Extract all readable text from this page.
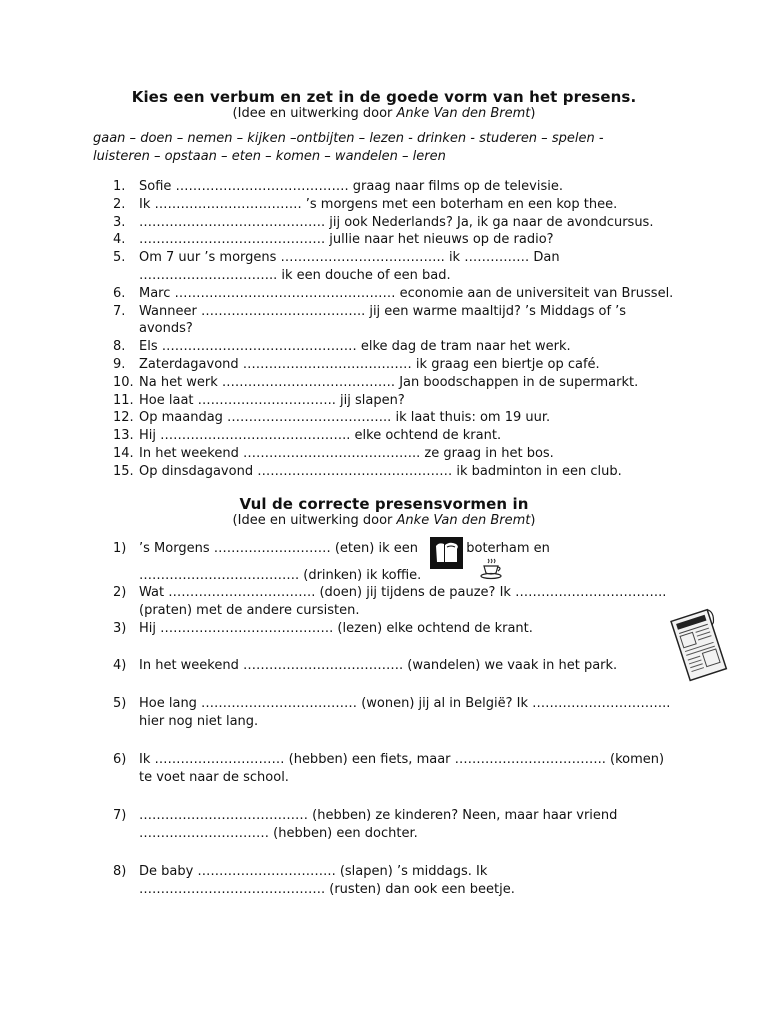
Kies een verbum en zet in de goede vorm van het presens.
(Idee en uitwerking door Anke Van den Bremt)
gaan – doen – nemen – kijken –ontbijten – lezen - drinken - studeren – spelen -
luisteren – opstaan – eten – komen – wandelen – leren
1. Sofie …………………………………. graag naar films op de televisie.
2. Ik ……………………………. ’s morgens met een boterham en een kop thee.
3. ……………………………………. jij ook Nederlands? Ja, ik ga naar de avondcursus.
4. ……………………………………. jullie naar het nieuws op de radio?
5. Om 7 uur ’s morgens ……………………………….. ik …………… Dan ………………………….. ik een douche of een bad.
6. Marc …………………………………………… economie aan de universiteit van Brussel.
7. Wanneer ……………………………….. jij een warme maaltijd? ’s Middags of ’s avonds?
8. Els ……………………………………… elke dag de tram naar het werk.
9. Zaterdagavond ………………………………… ik graag een biertje op café.
10. Na het werk …………………………………. Jan boodschappen in de supermarkt.
11. Hoe laat ………………………….. jij slapen?
12. Op maandag ……………………………….. ik laat thuis: om 19 uur.
13. Hij …………………………………….. elke ochtend de krant.
14. In het weekend ………………………………….. ze graag in het bos.
15. Op dinsdagavond ……………………………………… ik badminton in een club.
Vul de correcte presensvormen in
(Idee en uitwerking door Anke Van den Bremt)
1) ’s Morgens ……………………… (eten) ik een	boterham en
………………………………. (drinken) ik koffie.
2) Wat ……………………………. (doen) jij tijdens de pauze? Ik …………………………….. (praten) met de andere cursisten.
3) Hij …………………………………. (lezen) elke ochtend de krant.
4) In het weekend ………………………………. (wandelen) we vaak in het park.
5) Hoe lang ……………………………… (wonen) jij al in België? Ik ………………………….. hier nog niet lang.
6) Ik ………………………… (hebben) een fiets, maar …………………………….. (komen) te voet naar de school.
7) ………………………………… (hebben) ze kinderen? Neen, maar haar vriend ………………………… (hebben) een dochter.
8) De baby ………………………….. (slapen) ’s middags. Ik ……………………………………. (rusten) dan ook een beetje.
